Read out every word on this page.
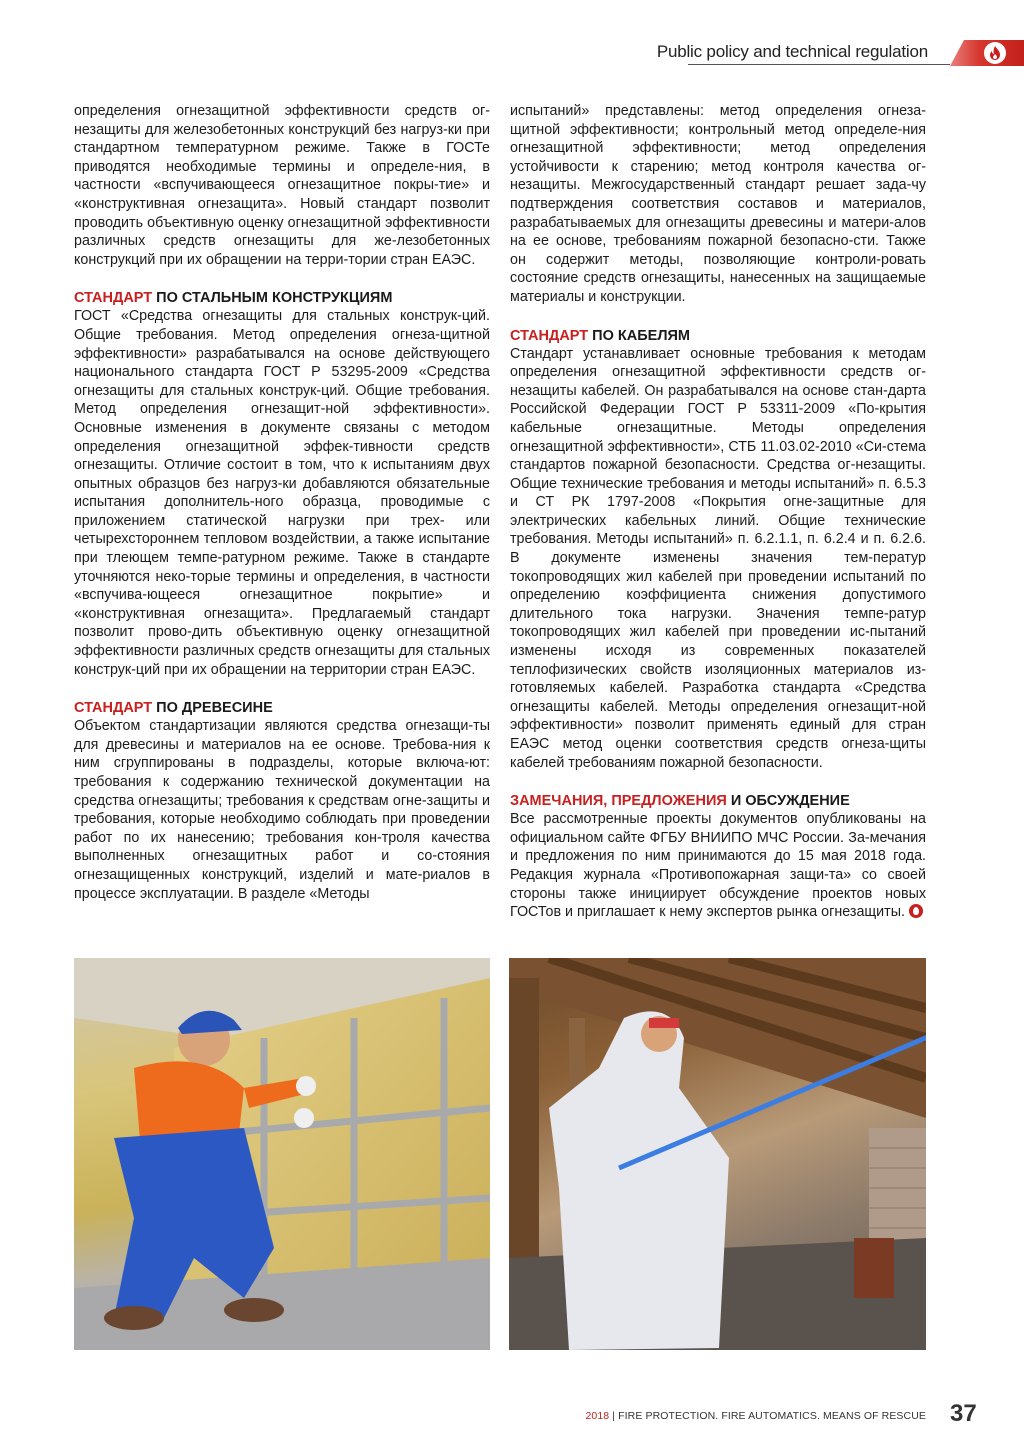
Public policy and technical regulation

определения огнезащитной эффективности средств ог-незащиты для железобетонных конструкций без нагруз-ки при стандартном температурном режиме. Также в ГОСТе приводятся необходимые термины и определе-ния, в частности «вспучивающееся огнезащитное покры-тие» и «конструктивная огнезащита». Новый стандарт позволит проводить объективную оценку огнезащитной эффективности различных средств огнезащиты для же-лезобетонных конструкций при их обращении на терри-тории стран ЕАЭС.

СТАНДАРТ ПО СТАЛЬНЫМ КОНСТРУКЦИЯМ

ГОСТ «Средства огнезащиты для стальных конструк-ций. Общие требования. Метод определения огнеза-щитной эффективности» разрабатывался на основе действующего национального стандарта ГОСТ Р 53295-2009 «Средства огнезащиты для стальных конструк-ций. Общие требования. Метод определения огнезащит-ной эффективности». Основные изменения в документе связаны с методом определения огнезащитной эффек-тивности средств огнезащиты. Отличие состоит в том, что к испытаниям двух опытных образцов без нагруз-ки добавляются обязательные испытания дополнитель-ного образца, проводимые с приложением статической нагрузки при трех- или четырехстороннем тепловом воздействии, а также испытание при тлеющем темпе-ратурном режиме. Также в стандарте уточняются неко-торые термины и определения, в частности «вспучива-ющееся огнезащитное покрытие» и «конструктивная огнезащита». Предлагаемый стандарт позволит прово-дить объективную оценку огнезащитной эффективности различных средств огнезащиты для стальных конструк-ций при их обращении на территории стран ЕАЭС.

СТАНДАРТ ПО ДРЕВЕСИНЕ

Объектом стандартизации являются средства огнезащи-ты для древесины и материалов на ее основе. Требова-ния к ним сгруппированы в подразделы, которые включа-ют: требования к содержанию технической документации на средства огнезащиты; требования к средствам огне-защиты и требования, которые необходимо соблюдать при проведении работ по их нанесению; требования кон-троля качества выполненных огнезащитных работ и со-стояния огнезащищенных конструкций, изделий и мате-риалов в процессе эксплуатации. В разделе «Методы

испытаний» представлены: метод определения огнеза-щитной эффективности; контрольный метод определе-ния огнезащитной эффективности; метод определения устойчивости к старению; метод контроля качества ог-незащиты. Межгосударственный стандарт решает зада-чу подтверждения соответствия составов и материалов, разрабатываемых для огнезащиты древесины и матери-алов на ее основе, требованиям пожарной безопасно-сти. Также он содержит методы, позволяющие контроли-ровать состояние средств огнезащиты, нанесенных на защищаемые материалы и конструкции.

СТАНДАРТ ПО КАБЕЛЯМ

Стандарт устанавливает основные требования к методам определения огнезащитной эффективности средств ог-незащиты кабелей. Он разрабатывался на основе стан-дарта Российской Федерации ГОСТ Р 53311-2009 «По-крытия кабельные огнезащитные. Методы определения огнезащитной эффективности», СТБ 11.03.02-2010 «Си-стема стандартов пожарной безопасности. Средства ог-незащиты. Общие технические требования и методы испытаний» п. 6.5.3 и СТ РК 1797-2008 «Покрытия огне-защитные для электрических кабельных линий. Общие технические требования. Методы испытаний» п. 6.2.1.1, п. 6.2.4 и п. 6.2.6. В документе изменены значения тем-ператур токопроводящих жил кабелей при проведении испытаний по определению коэффициента снижения допустимого длительного тока нагрузки. Значения темпе-ратур токопроводящих жил кабелей при проведении ис-пытаний изменены исходя из современных показателей теплофизических свойств изоляционных материалов из-готовляемых кабелей. Разработка стандарта «Средства огнезащиты кабелей. Методы определения огнезащит-ной эффективности» позволит применять единый для стран ЕАЭС метод оценки соответствия средств огнеза-щиты кабелей требованиям пожарной безопасности.

ЗАМЕЧАНИЯ, ПРЕДЛОЖЕНИЯ И ОБСУЖДЕНИЕ

Все рассмотренные проекты документов опубликованы на официальном сайте ФГБУ ВНИИПО МЧС России. За-мечания и предложения по ним принимаются до 15 мая 2018 года. Редакция журнала «Противопожарная защи-та» со своей стороны также инициирует обсуждение проектов новых ГОСТов и приглашает к нему экспертов рынка огнезащиты.

2018 | FIRE PROTECTION. FIRE AUTOMATICS. MEANS OF RESCUE 37
